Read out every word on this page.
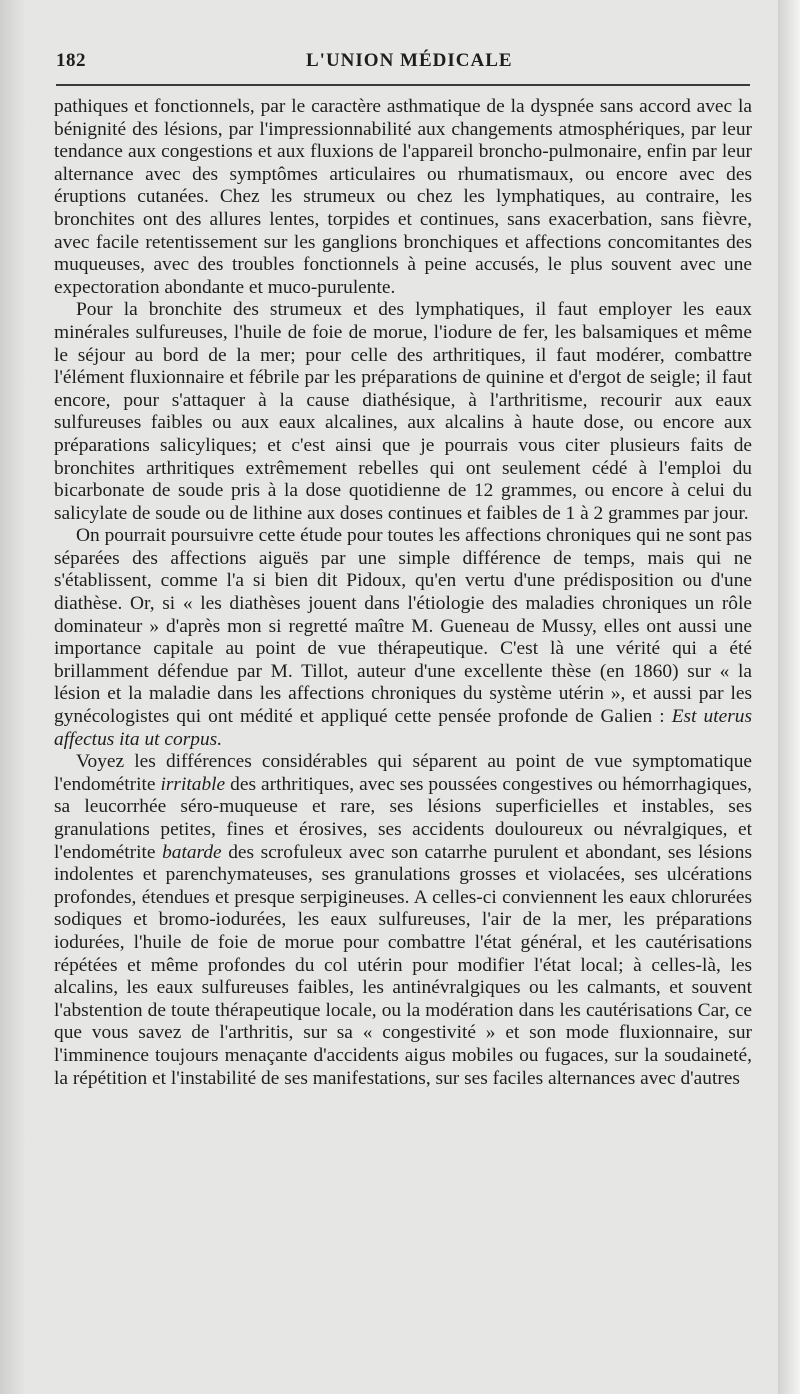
182	L'UNION MÉDICALE

pathiques et fonctionnels, par le caractère asthmatique de la dyspnée sans accord avec la bénignité des lésions, par l'impressionnabilité aux changements atmosphériques, par leur tendance aux congestions et aux fluxions de l'appareil broncho-pulmonaire, enfin par leur alternance avec des symptômes articulaires ou rhumatismaux, ou encore avec des éruptions cutanées. Chez les strumeux ou chez les lymphatiques, au contraire, les bronchites ont des allures lentes, torpides et continues, sans exacerbation, sans fièvre, avec facile retentissement sur les ganglions bronchiques et affections concomitantes des muqueuses, avec des troubles fonctionnels à peine accusés, le plus souvent avec une expectoration abondante et muco-purulente.

Pour la bronchite des strumeux et des lymphatiques, il faut employer les eaux minérales sulfureuses, l'huile de foie de morue, l'iodure de fer, les balsamiques et même le séjour au bord de la mer; pour celle des arthritiques, il faut modérer, combattre l'élément fluxionnaire et fébrile par les préparations de quinine et d'ergot de seigle; il faut encore, pour s'attaquer à la cause diathésique, à l'arthritisme, recourir aux eaux sulfureuses faibles ou aux eaux alcalines, aux alcalins à haute dose, ou encore aux préparations salicyliques; et c'est ainsi que je pourrais vous citer plusieurs faits de bronchites arthritiques extrêmement rebelles qui ont seulement cédé à l'emploi du bicarbonate de soude pris à la dose quotidienne de 12 grammes, ou encore à celui du salicylate de soude ou de lithine aux doses continues et faibles de 1 à 2 grammes par jour.

On pourrait poursuivre cette étude pour toutes les affections chroniques qui ne sont pas séparées des affections aiguës par une simple différence de temps, mais qui ne s'établissent, comme l'a si bien dit Pidoux, qu'en vertu d'une prédisposition ou d'une diathèse. Or, si « les diathèses jouent dans l'étiologie des maladies chroniques un rôle dominateur » d'après mon si regretté maître M. Gueneau de Mussy, elles ont aussi une importance capitale au point de vue thérapeutique. C'est là une vérité qui a été brillamment défendue par M. Tillot, auteur d'une excellente thèse (en 1860) sur « la lésion et la maladie dans les affections chroniques du système utérin », et aussi par les gynécologistes qui ont médité et appliqué cette pensée profonde de Galien : Est uterus affectus ita ut corpus.

Voyez les différences considérables qui séparent au point de vue symptomatique l'endométrite irritable des arthritiques, avec ses poussées congestives ou hémorrhagiques, sa leucorrhée séro-muqueuse et rare, ses lésions superficielles et instables, ses granulations petites, fines et érosives, ses accidents douloureux ou névralgiques, et l'endométrite batarde des scrofuleux avec son catarrhe purulent et abondant, ses lésions indolentes et parenchymateuses, ses granulations grosses et violacées, ses ulcérations profondes, étendues et presque serpigineuses. A celles-ci conviennent les eaux chlorurées sodiques et bromo-iodurées, les eaux sulfureuses, l'air de la mer, les préparations iodurées, l'huile de foie de morue pour combattre l'état général, et les cautérisations répétées et même profondes du col utérin pour modifier l'état local; à celles-là, les alcalins, les eaux sulfureuses faibles, les antinévralgiques ou les calmants, et souvent l'abstention de toute thérapeutique locale, ou la modération dans les cautérisations Car, ce que vous savez de l'arthritis, sur sa « congestivité » et son mode fluxionnaire, sur l'imminence toujours menaçante d'accidents aigus mobiles ou fugaces, sur la soudaineté, la répétition et l'instabilité de ses manifestations, sur ses faciles alternances avec d'autres
